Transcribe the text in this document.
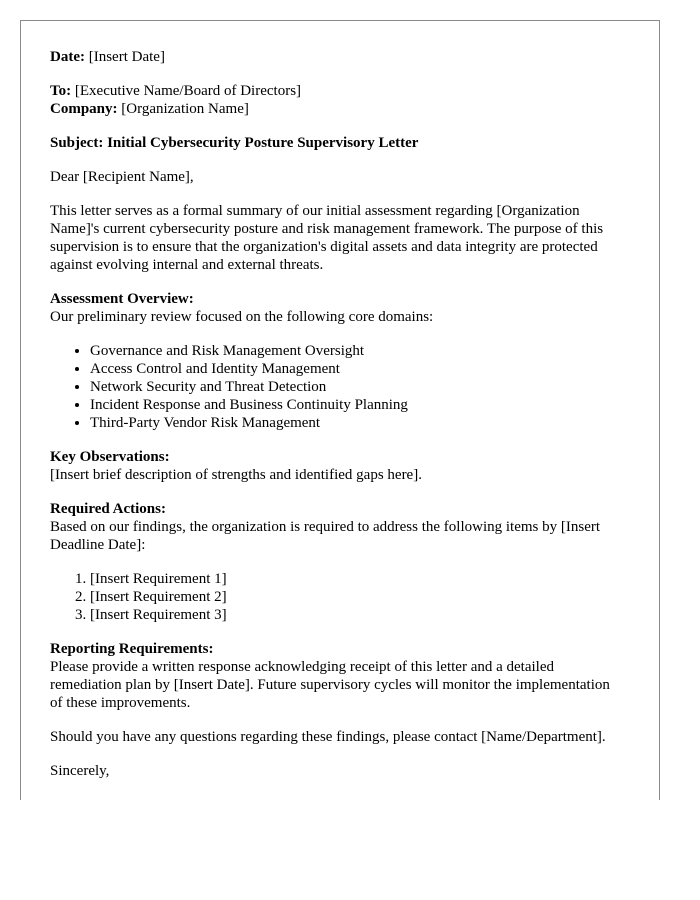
Date: [Insert Date]

To: [Executive Name/Board of Directors]
Company: [Organization Name]

Subject: Initial Cybersecurity Posture Supervisory Letter

Dear [Recipient Name],

This letter serves as a formal summary of our initial assessment regarding [Organization Name]'s current cybersecurity posture and risk management framework. The purpose of this supervision is to ensure that the organization's digital assets and data integrity are protected against evolving internal and external threats.

Assessment Overview:

Our preliminary review focused on the following core domains:

• Governance and Risk Management Oversight
• Access Control and Identity Management
• Network Security and Threat Detection
• Incident Response and Business Continuity Planning
• Third-Party Vendor Risk Management
Key Observations:

[Insert brief description of strengths and identified gaps here].

Required Actions:

Based on our findings, the organization is required to address the following items by [Insert Deadline Date]:

1. [Insert Requirement 1]
2. [Insert Requirement 2]
3. [Insert Requirement 3]
Reporting Requirements:

Please provide a written response acknowledging receipt of this letter and a detailed remediation plan by [Insert Date]. Future supervisory cycles will monitor the implementation of these improvements.

Should you have any questions regarding these findings, please contact [Name/Department].

Sincerely,
